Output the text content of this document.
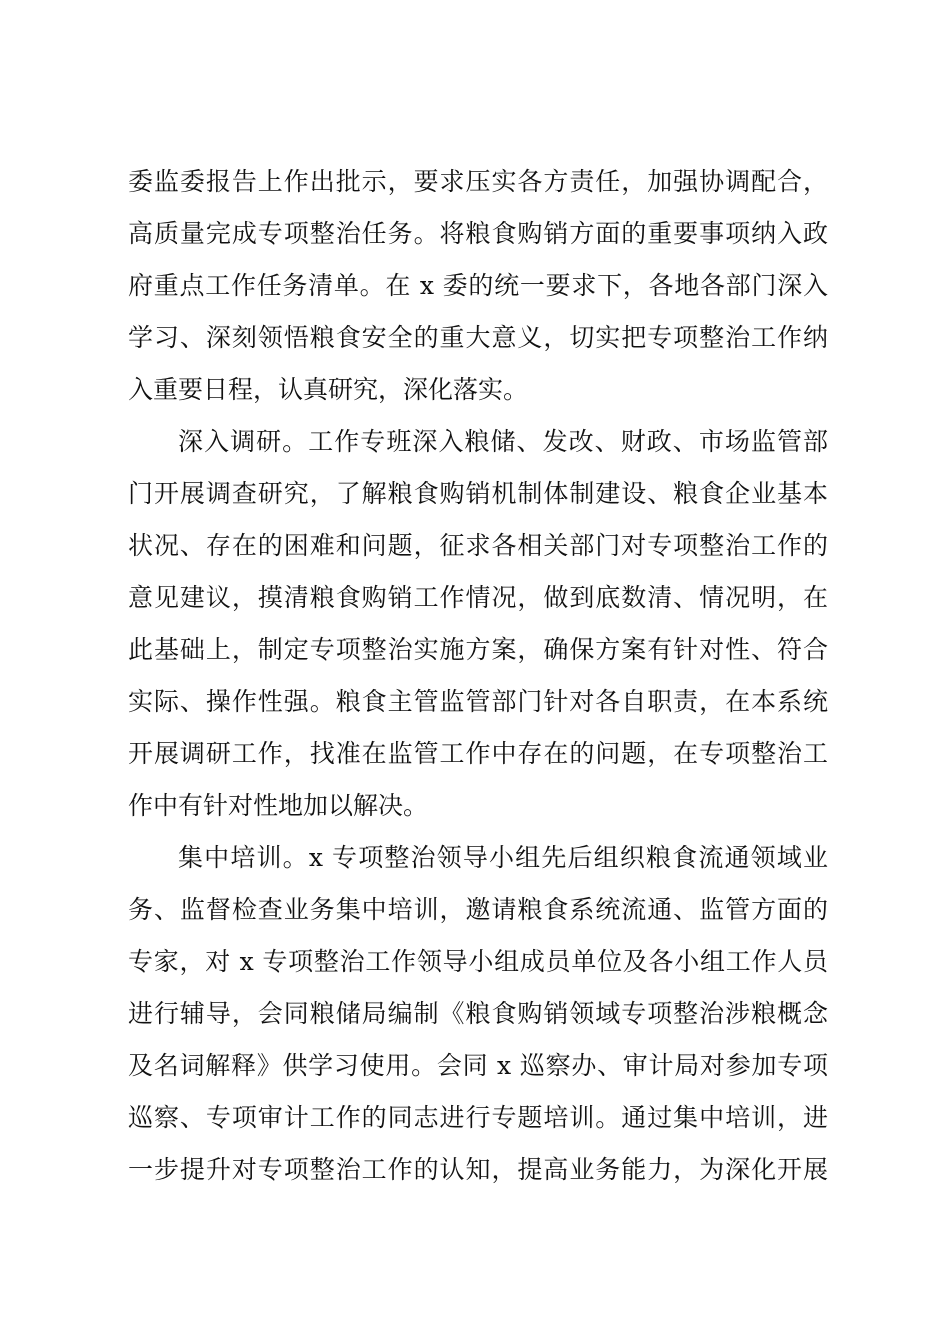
委监委报告上作出批示，要求压实各方责任，加强协调配合，
高质量完成专项整治任务。将粮食购销方面的重要事项纳入政
府重点工作任务清单。在 x 委的统一要求下，各地各部门深入
学习、深刻领悟粮食安全的重大意义，切实把专项整治工作纳
入重要日程，认真研究，深化落实。
深入调研。工作专班深入粮储、发改、财政、市场监管部
门开展调查研究，了解粮食购销机制体制建设、粮食企业基本
状况、存在的困难和问题，征求各相关部门对专项整治工作的
意见建议，摸清粮食购销工作情况，做到底数清、情况明，在
此基础上，制定专项整治实施方案，确保方案有针对性、符合
实际、操作性强。粮食主管监管部门针对各自职责，在本系统
开展调研工作，找准在监管工作中存在的问题，在专项整治工
作中有针对性地加以解决。
集中培训。x 专项整治领导小组先后组织粮食流通领域业
务、监督检查业务集中培训，邀请粮食系统流通、监管方面的
专家，对 x 专项整治工作领导小组成员单位及各小组工作人员
进行辅导，会同粮储局编制《粮食购销领域专项整治涉粮概念
及名词解释》供学习使用。会同 x 巡察办、审计局对参加专项
巡察、专项审计工作的同志进行专题培训。通过集中培训，进
一步提升对专项整治工作的认知，提高业务能力，为深化开展
